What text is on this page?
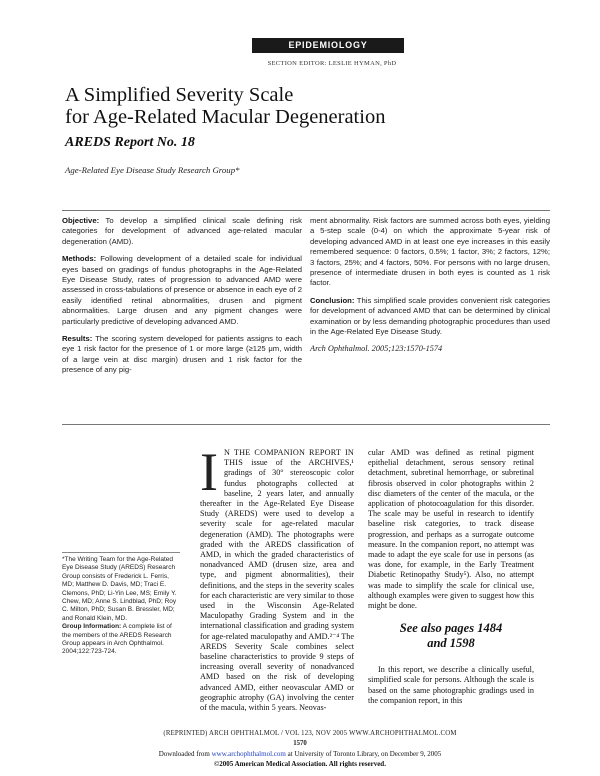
EPIDEMIOLOGY
SECTION EDITOR: LESLIE HYMAN, PhD
A Simplified Severity Scale
for Age-Related Macular Degeneration
AREDS Report No. 18
Age-Related Eye Disease Study Research Group*

Objective: To develop a simplified clinical scale defining risk categories for development of advanced age-related macular degeneration (AMD).

Methods: Following development of a detailed scale for individual eyes based on gradings of fundus photographs in the Age-Related Eye Disease Study, rates of progression to advanced AMD were assessed in cross-tabulations of presence or absence in each eye of 2 easily identified retinal abnormalities, drusen and pigment abnormalities. Large drusen and any pigment changes were particularly predictive of developing advanced AMD.

Results: The scoring system developed for patients assigns to each eye 1 risk factor for the presence of 1 or more large (≥125 μm, width of a large vein at disc margin) drusen and 1 risk factor for the presence of any pig-

ment abnormality. Risk factors are summed across both eyes, yielding a 5-step scale (0-4) on which the approximate 5-year risk of developing advanced AMD in at least one eye increases in this easily remembered sequence: 0 factors, 0.5%; 1 factor, 3%; 2 factors, 12%; 3 factors, 25%; and 4 factors, 50%. For persons with no large drusen, presence of intermediate drusen in both eyes is counted as 1 risk factor.

Conclusion: This simplified scale provides convenient risk categories for development of advanced AMD that can be determined by clinical examination or by less demanding photographic procedures than used in the Age-Related Eye Disease Study.

Arch Ophthalmol. 2005;123:1570-1574

*The Writing Team for the Age-Related Eye Disease Study (AREDS) Research Group consists of Frederick L. Ferris, MD; Matthew D. Davis, MD; Traci E. Clemons, PhD; Li-Yin Lee, MS; Emily Y. Chew, MD; Anne S. Lindblad, PhD; Roy C. Milton, PhD; Susan B. Bressler, MD; and Ronald Klein, MD.

Group Information: A complete list of the members of the AREDS Research Group appears in Arch Ophthalmol. 2004;122:723-724.

I N THE COMPANION REPORT IN THIS issue of the ARCHIVES,¹ gradings of 30° stereoscopic color fundus photographs collected at baseline, 2 years later, and annually thereafter in the Age-Related Eye Disease Study (AREDS) were used to develop a severity scale for age-related macular degeneration (AMD). The photographs were graded with the AREDS classification of AMD, in which the graded characteristics of nonadvanced AMD (drusen size, area and type, and pigment abnormalities), their definitions, and the steps in the severity scales for each characteristic are very similar to those used in the Wisconsin Age-Related Maculopathy Grading System and in the international classification and grading system for age-related maculopathy and AMD.²⁻⁴ The AREDS Severity Scale combines select baseline characteristics to provide 9 steps of increasing overall severity of nonadvanced AMD based on the risk of developing advanced AMD, either neovascular AMD or geographic atrophy (GA) involving the center of the macula, within 5 years. Neovas-

cular AMD was defined as retinal pigment epithelial detachment, serous sensory retinal detachment, subretinal hemorrhage, or subretinal fibrosis observed in color photographs within 2 disc diameters of the center of the macula, or the application of photocoagulation for this disorder. The scale may be useful in research to identify baseline risk categories, to track disease progression, and perhaps as a surrogate outcome measure. In the companion report, no attempt was made to adapt the eye scale for use in persons (as was done, for example, in the Early Treatment Diabetic Retinopathy Study⁵). Also, no attempt was made to simplify the scale for clinical use, although examples were given to suggest how this might be done.

See also pages 1484
and 1598

In this report, we describe a clinically useful, simplified scale for persons. Although the scale is based on the same photographic gradings used in the companion report, in this

(REPRINTED) ARCH OPHTHALMOL / VOL 123, NOV 2005 WWW.ARCHOPHTHALMOL.COM
1570
Downloaded from www.archophthalmol.com at University of Toronto Library, on December 9, 2005
©2005 American Medical Association. All rights reserved.
